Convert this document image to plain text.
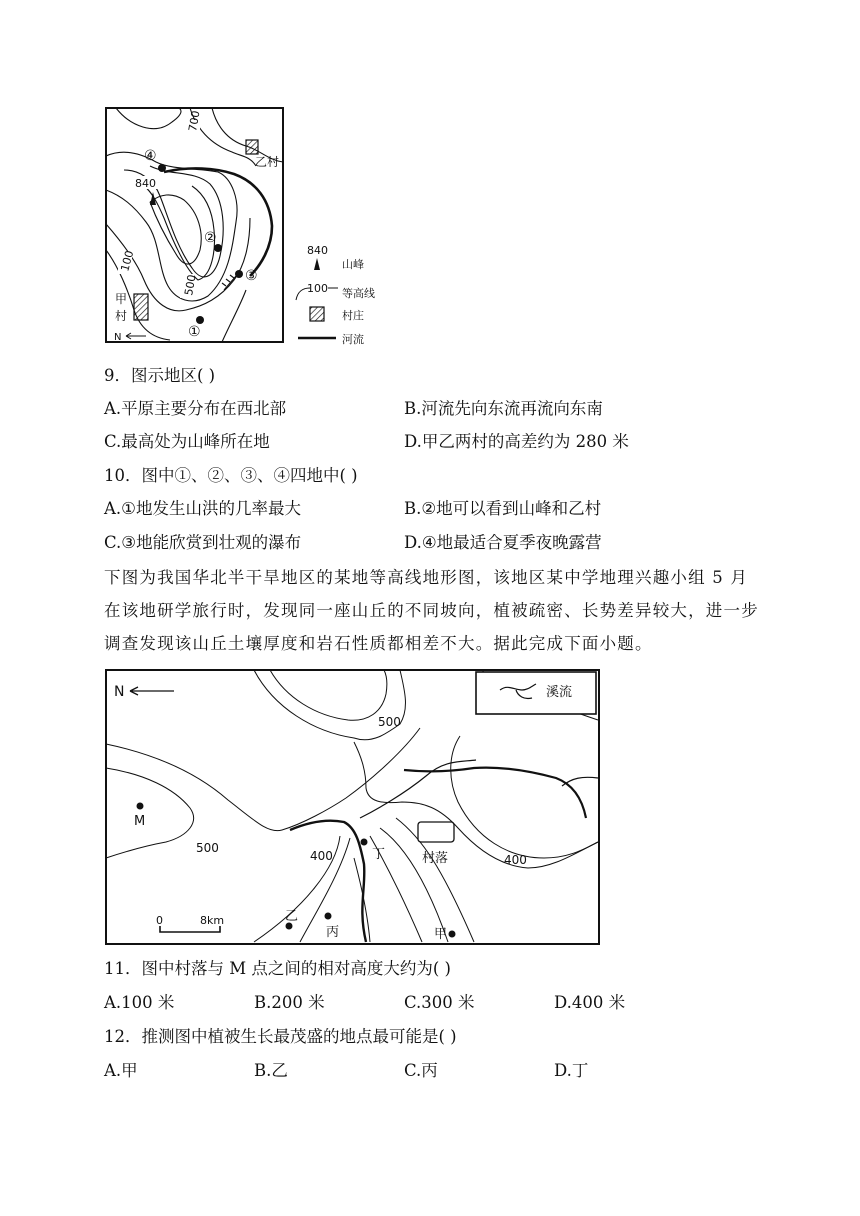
700
840
500
100
④
②
③
①
乙村
甲
村
N
840
山峰
100 等高线
村庄
河流
9．图示地区( )
A.平原主要分布在西北部	B.河流先向东流再流向东南
C.最高处为山峰所在地	D.甲乙两村的高差约为 280 米
10．图中①、②、③、④四地中( )
A.①地发生山洪的几率最大	B.②地可以看到山峰和乙村
C.③地能欣赏到壮观的瀑布	D.④地最适合夏季夜晚露营
下图为我国华北半干旱地区的某地等高线地形图，该地区某中学地理兴趣小组 5 月在该地研学旅行时，发现同一座山丘的不同坡向，植被疏密、长势差异较大，进一步调查发现该山丘土壤厚度和岩石性质都相差不大。据此完成下面小题。
N	溪流
500
500
400	400
M
丁
乙
丙	甲
村落
0	8km
11．图中村落与 M 点之间的相对高度大约为( )
A.100 米	B.200 米	C.300 米	D.400 米
12．推测图中植被生长最茂盛的地点最可能是( )
A.甲	B.乙	C.丙	D.丁
